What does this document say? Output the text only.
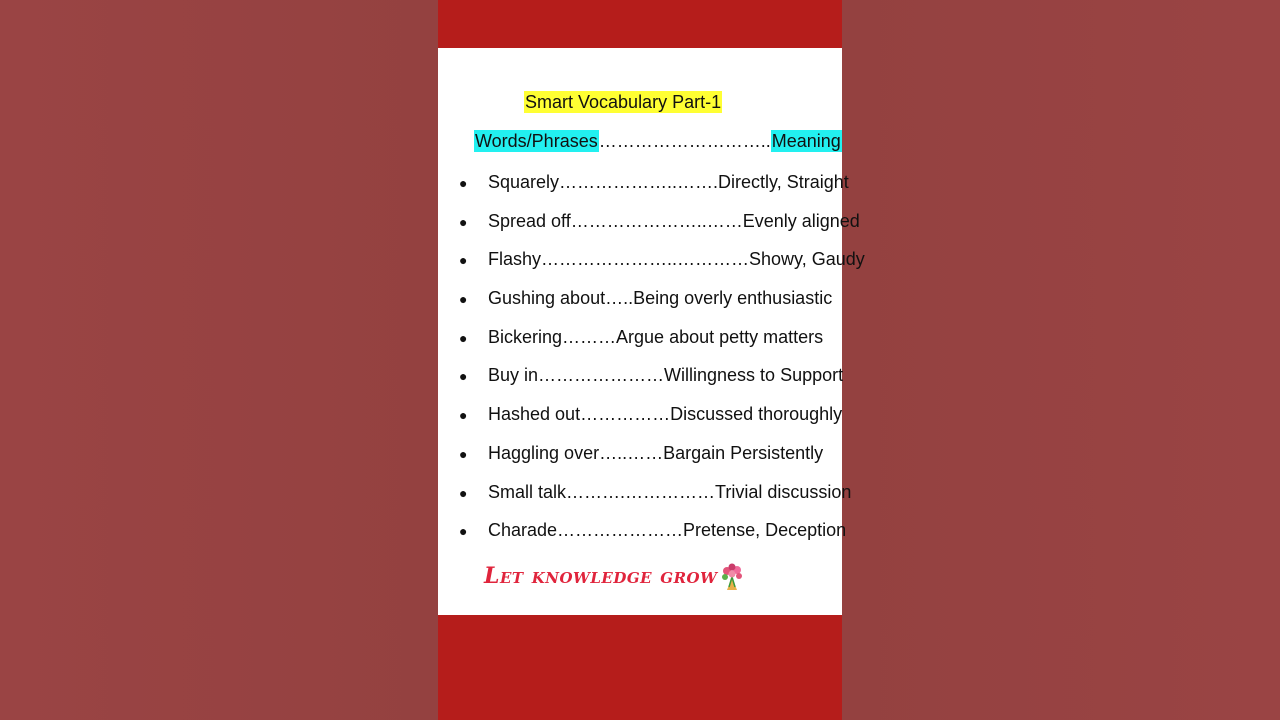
Smart Vocabulary Part-1
Words/Phrases………………………..Meaning
● Squarely………………..…….Directly, Straight
● Spread off…………………..……Evenly aligned
● Flashy…………………..…………Showy, Gaudy
● Gushing about…..Being overly enthusiastic
● Bickering………Argue about petty matters
● Buy in…………………Willingness to Support
● Hashed out……………Discussed thoroughly
● Haggling over…..……Bargain Persistently
● Small talk……….……………Trivial discussion
● Charade…………………Pretense, Deception
Let knowledge grow
